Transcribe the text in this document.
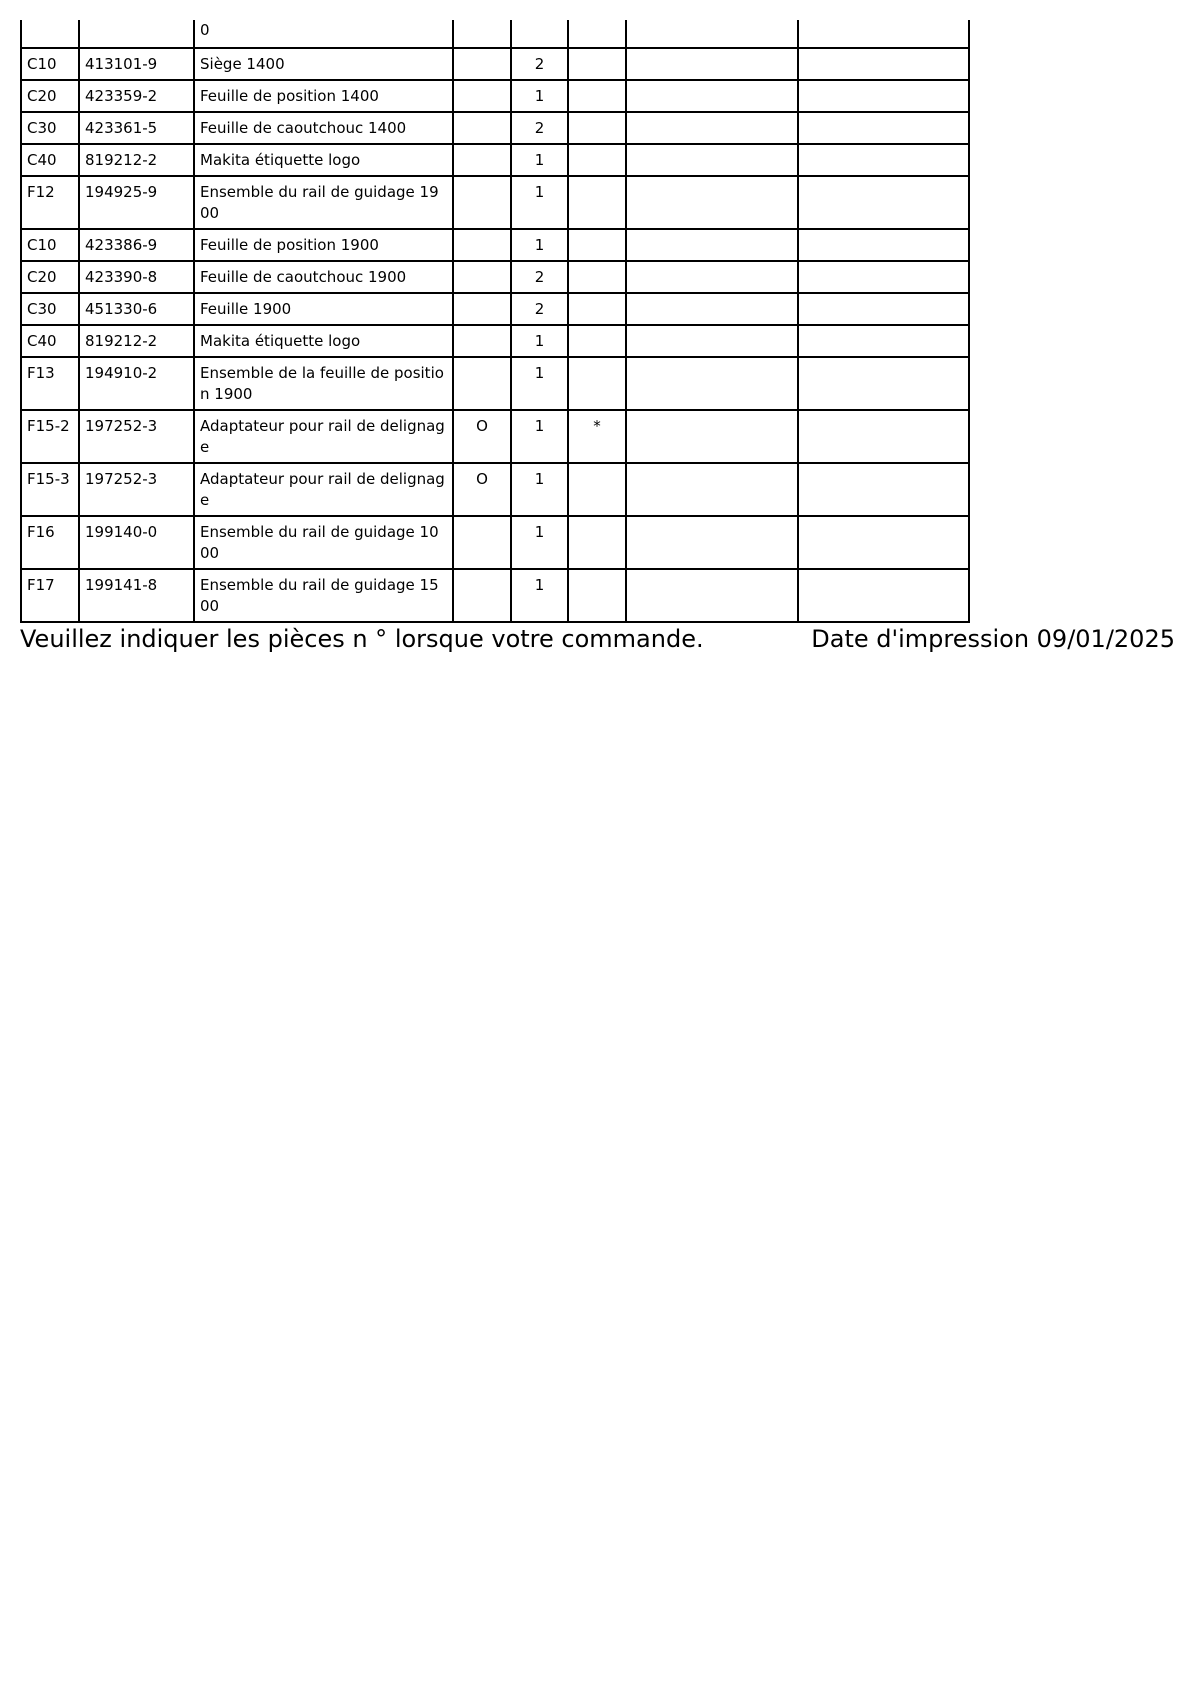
		0					
C10	413101-9	Siège 1400		2			
C20	423359-2	Feuille de position 1400		1			
C30	423361-5	Feuille de caoutchouc 1400		2			
C40	819212-2	Makita étiquette logo		1			
F12	194925-9	Ensemble du rail de guidage 1900		1			
C10	423386-9	Feuille de position 1900		1			
C20	423390-8	Feuille de caoutchouc 1900		2			
C30	451330-6	Feuille 1900		2			
C40	819212-2	Makita étiquette logo		1			
F13	194910-2	Ensemble de la feuille de position 1900		1			
F15-2	197252-3	Adaptateur pour rail de delignage	O	1	*		
F15-3	197252-3	Adaptateur pour rail de delignage	O	1			
F16	199140-0	Ensemble du rail de guidage 1000		1			
F17	199141-8	Ensemble du rail de guidage 1500		1			
Veuillez indiquer les pièces n ° lorsque votre commande.	Date d'impression 09/01/2025
